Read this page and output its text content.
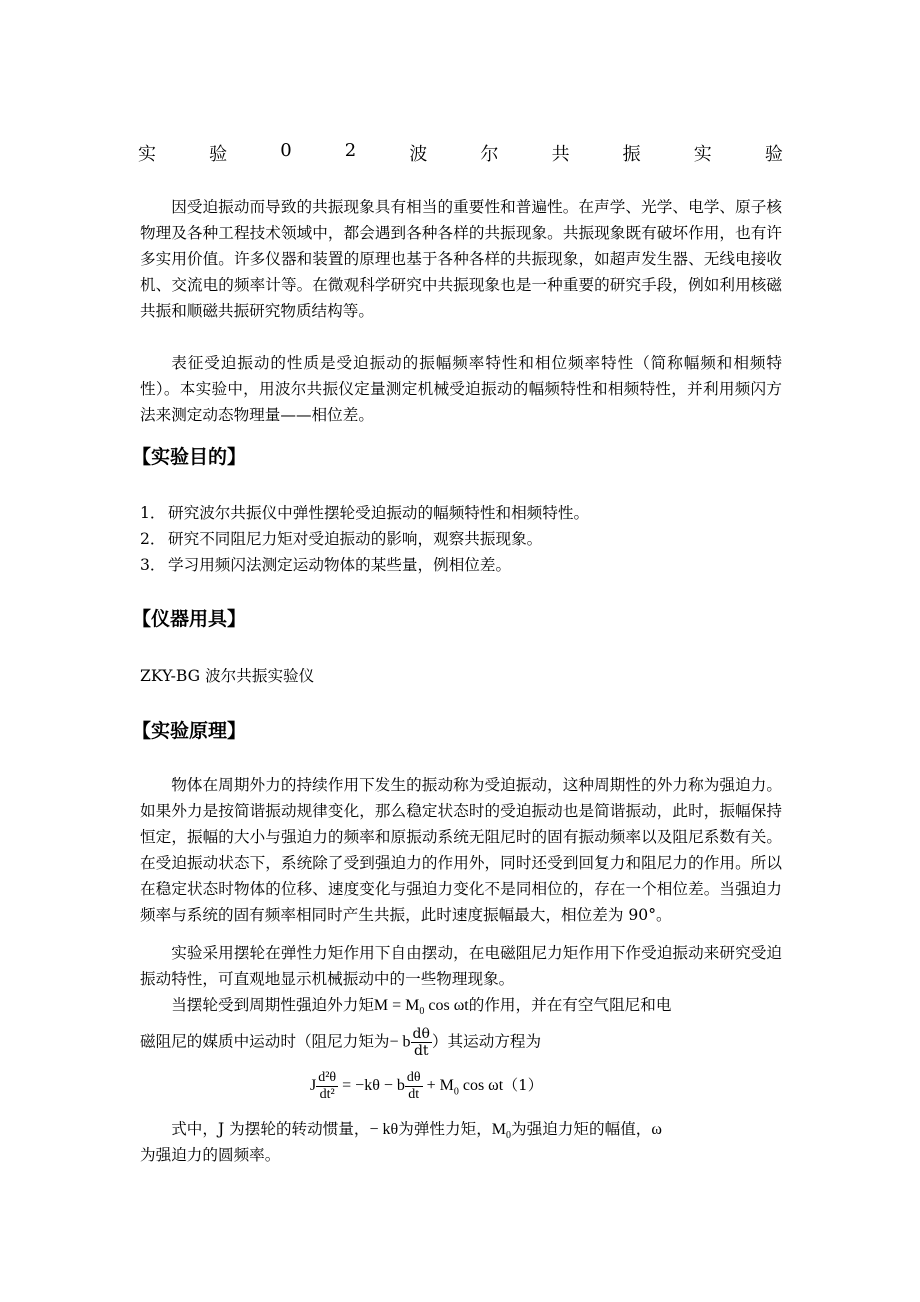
实	验	0	2	波	尔	共	振	实	验

因受迫振动而导致的共振现象具有相当的重要性和普遍性。在声学、光学、电学、原子核物理及各种工程技术领域中，都会遇到各种各样的共振现象。共振现象既有破坏作用，也有许多实用价值。许多仪器和装置的原理也基于各种各样的共振现象，如超声发生器、无线电接收机、交流电的频率计等。在微观科学研究中共振现象也是一种重要的研究手段，例如利用核磁共振和顺磁共振研究物质结构等。

表征受迫振动的性质是受迫振动的振幅频率特性和相位频率特性（简称幅频和相频特性）。本实验中，用波尔共振仪定量测定机械受迫振动的幅频特性和相频特性，并利用频闪方法来测定动态物理量——相位差。

【实验目的】
1． 研究波尔共振仪中弹性摆轮受迫振动的幅频特性和相频特性。
2． 研究不同阻尼力矩对受迫振动的影响，观察共振现象。
3． 学习用频闪法测定运动物体的某些量，例相位差。
【仪器用具】
ZKY-BG 波尔共振实验仪
【实验原理】

物体在周期外力的持续作用下发生的振动称为受迫振动，这种周期性的外力称为强迫力。如果外力是按简谐振动规律变化，那么稳定状态时的受迫振动也是简谐振动，此时，振幅保持恒定，振幅的大小与强迫力的频率和原振动系统无阻尼时的固有振动频率以及阻尼系数有关。在受迫振动状态下，系统除了受到强迫力的作用外，同时还受到回复力和阻尼力的作用。所以在稳定状态时物体的位移、速度变化与强迫力变化不是同相位的，存在一个相位差。当强迫力频率与系统的固有频率相同时产生共振，此时速度振幅最大，相位差为 90°。

实验采用摆轮在弹性力矩作用下自由摆动，在电磁阻尼力矩作用下作受迫振动来研究受迫振动特性，可直观地显示机械振动中的一些物理现象。

当摆轮受到周期性强迫外力矩$M = M_0$ cos ωt的作用，并在有空气阻尼和电

磁阻尼的媒质中运动时（阻尼力矩为− b $\frac{d\theta}{dt}$ ）其运动方程为

J $\frac{\text{d²θ}}{\text{dt²}} = -k\theta - b \frac{d\theta}{dt} + M_0$ cos ωt（1）

式中，J 为摆轮的转动惯量，− kθ为弹性力矩，$M_0$为强迫力矩的幅值，ω

为强迫力的圆频率。
